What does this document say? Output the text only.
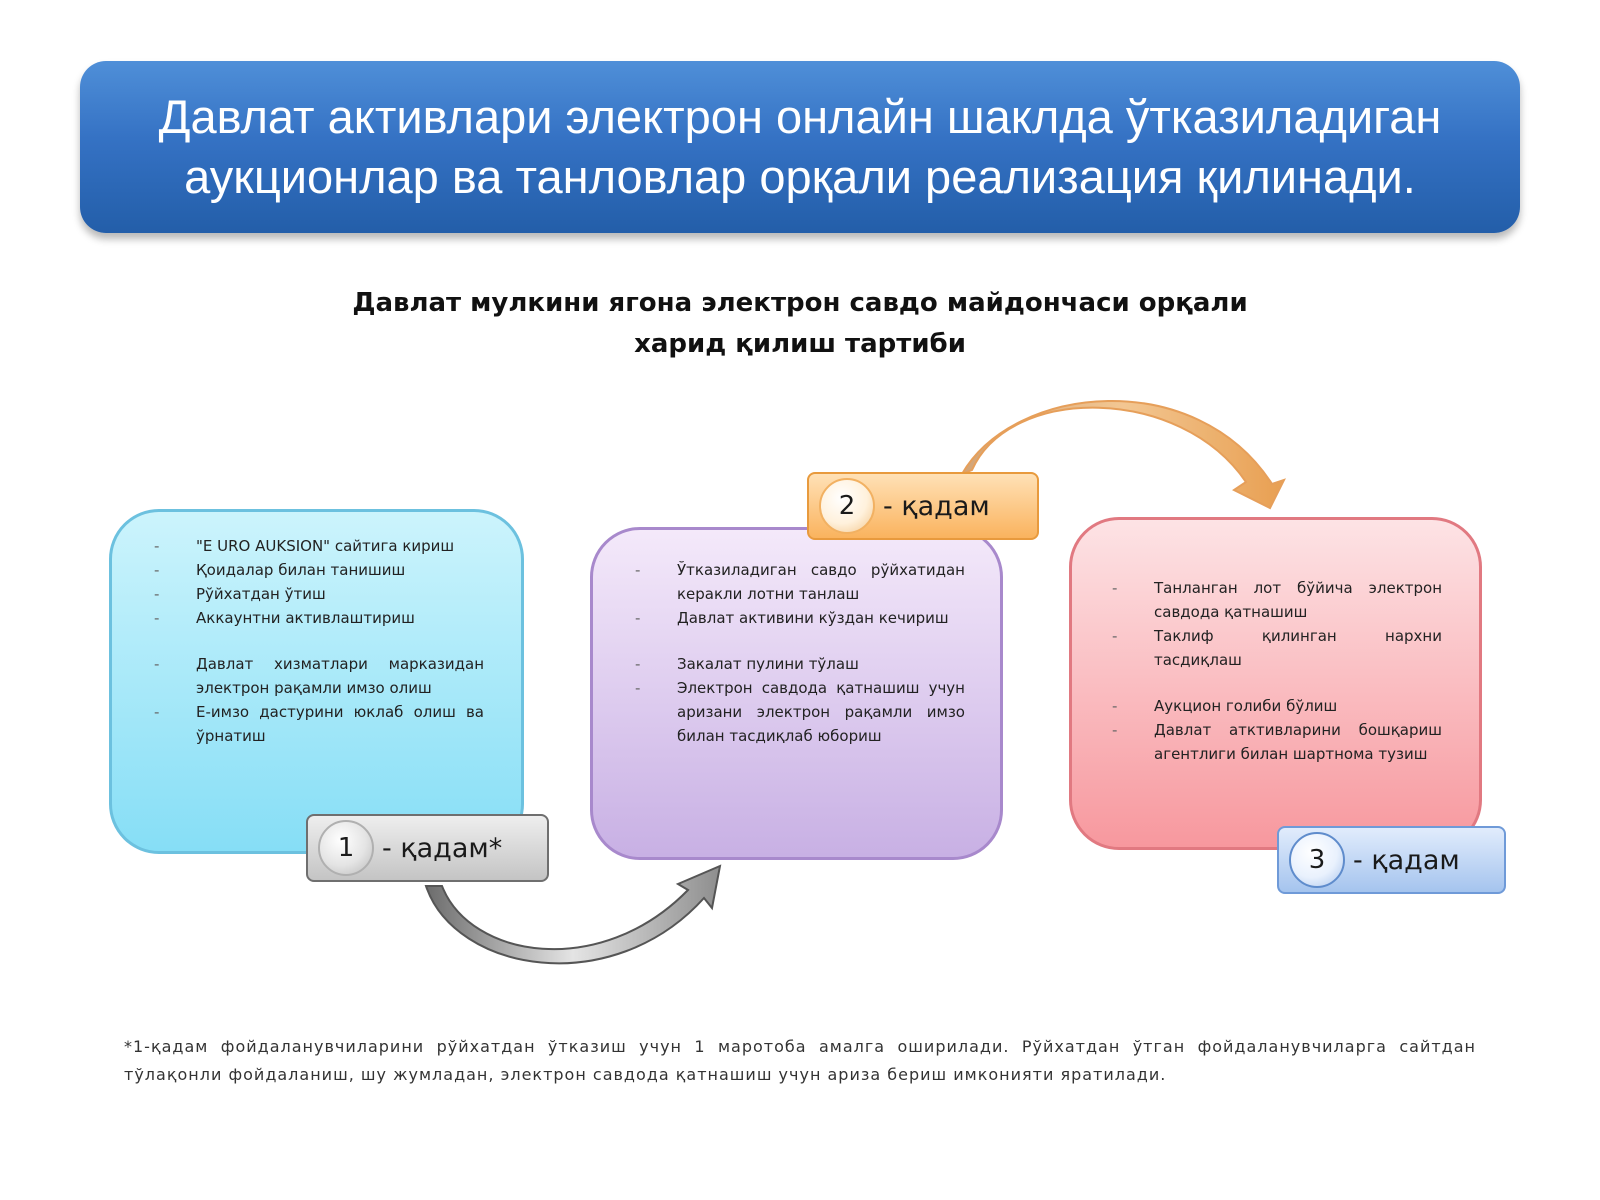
Давлат активлари электрон онлайн шаклда ўтказиладиган аукционлар ва танловлар орқали реализация қилинади.
Давлат мулкини ягона электрон савдо майдончаси орқали
харид қилиш тартиби
- "E URO AUKSION" сайтига кириш
- Қоидалар билан танишиш
- Рўйхатдан ўтиш
- Аккаунтни активлаштириш
- Давлат хизматлари марказидан электрон рақамли имзо олиш
- E-имзо дастурини юклаб олиш ва ўрнатиш
- Ўтказиладиган савдо рўйхатидан керакли лотни танлаш
- Давлат активини кўздан кечириш
- Закалат пулини тўлаш
- Электрон савдода қатнашиш учун аризани электрон рақамли имзо билан тасдиқлаб юбориш
- Танланган лот бўйича электрон савдода қатнашиш
- Таклиф қилинган нархни тасдиқлаш
- Аукцион голиби бўлиш
- Давлат атктивларини бошқариш агентлиги билан шартнома тузиш
1	- қадам*
2	- қадам
3	- қадам
*1-қадам фойдаланувчиларини рўйхатдан ўтказиш учун 1 маротоба амалга оширилади. Рўйхатдан ўтган фойдаланувчиларга сайтдан тўлақонли фойдаланиш, шу жумладан, электрон савдода қатнашиш учун ариза бериш имконияти яратилади.
